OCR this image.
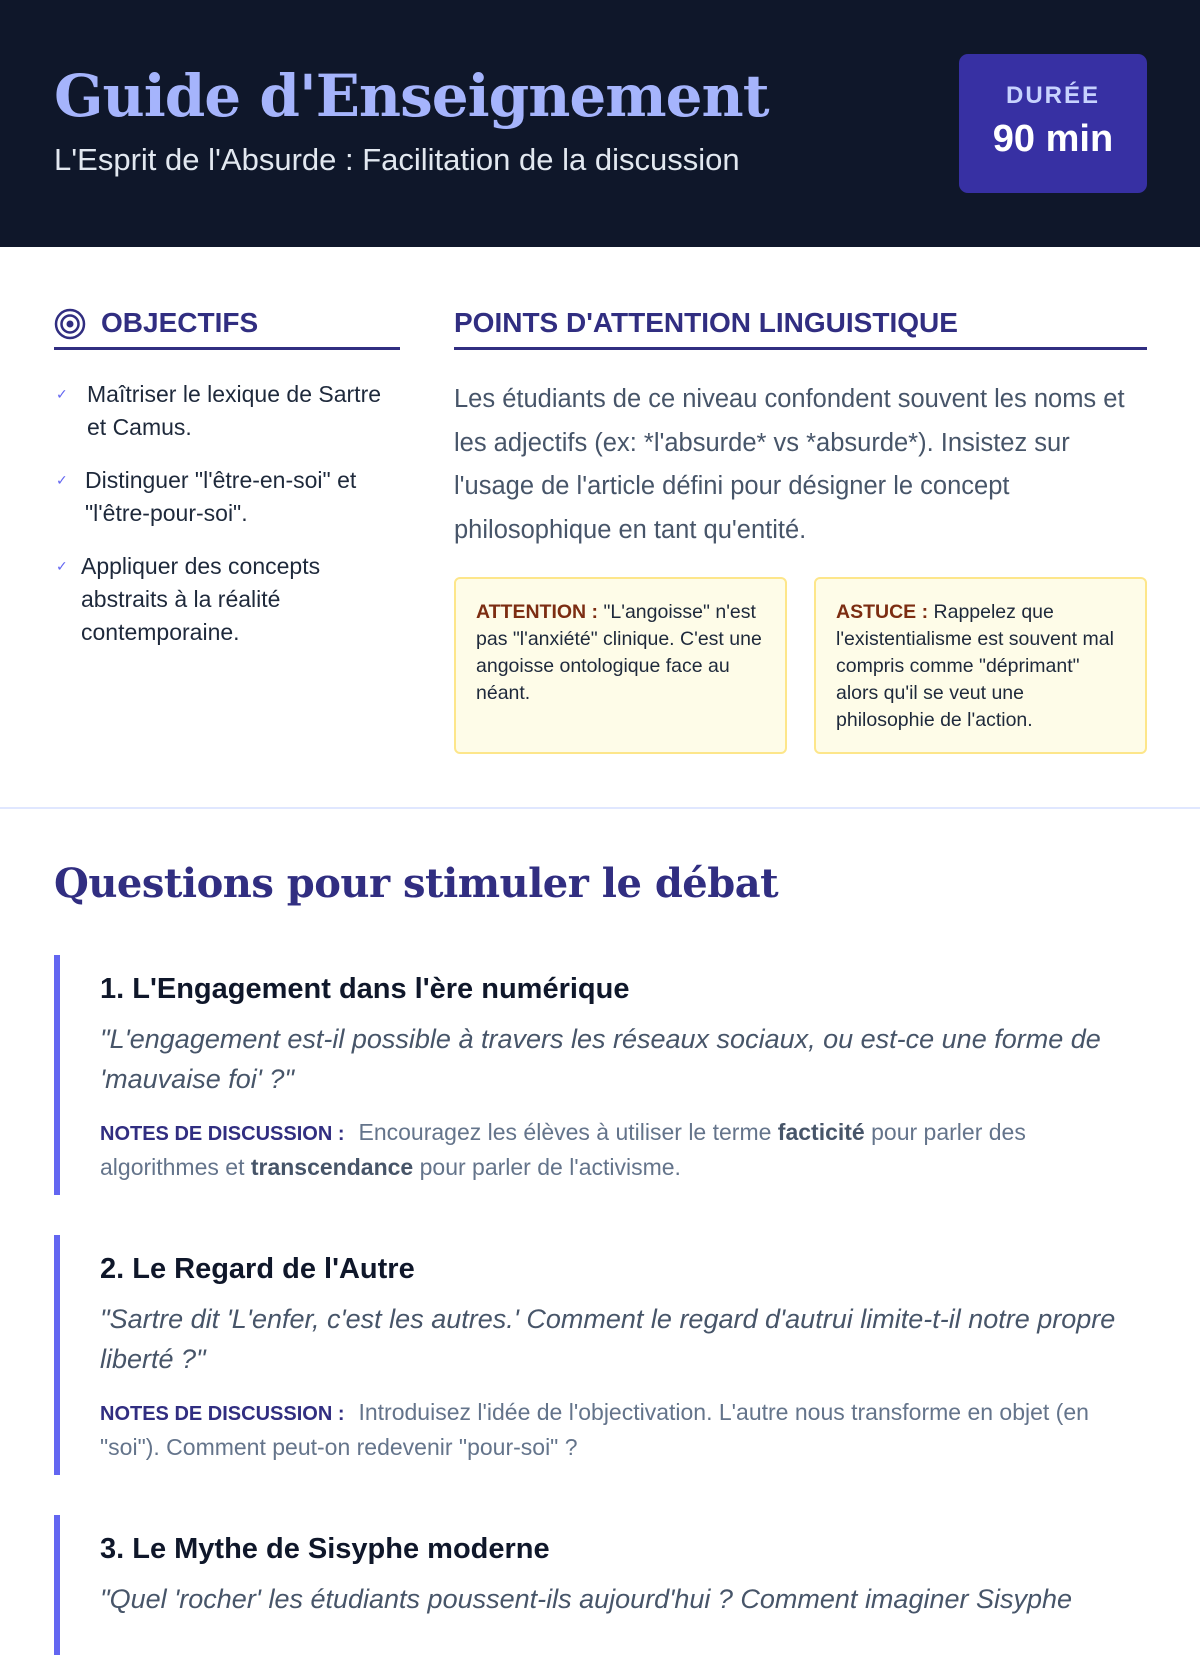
Guide d'Enseignement
L'Esprit de l'Absurde : Facilitation de la discussion
DURÉE
90 min
OBJECTIFS
✓ Maîtriser le lexique de Sartre et Camus.
✓ Distinguer "l'être-en-soi" et "l'être-pour-soi".
✓ Appliquer des concepts abstraits à la réalité contemporaine.
POINTS D'ATTENTION LINGUISTIQUE

Les étudiants de ce niveau confondent souvent les noms et les adjectifs (ex: *l'absurde* vs *absurde*). Insistez sur l'usage de l'article défini pour désigner le concept philosophique en tant qu'entité.

ATTENTION : "L'angoisse" n'est pas "l'anxiété" clinique. C'est une angoisse ontologique face au néant.
ASTUCE : Rappelez que l'existentialisme est souvent mal compris comme "déprimant" alors qu'il se veut une philosophie de l'action.
Questions pour stimuler le débat
1. L'Engagement dans l'ère numérique

"L'engagement est-il possible à travers les réseaux sociaux, ou est-ce une forme de 'mauvaise foi' ?"

NOTES DE DISCUSSION : Encouragez les élèves à utiliser le terme facticité pour parler des algorithmes et transcendance pour parler de l'activisme.

2. Le Regard de l'Autre

"Sartre dit 'L'enfer, c'est les autres.' Comment le regard d'autrui limite-t-il notre propre liberté ?"

NOTES DE DISCUSSION : Introduisez l'idée de l'objectivation. L'autre nous transforme en objet (en "soi"). Comment peut-on redevenir "pour-soi" ?

3. Le Mythe de Sisyphe moderne

"Quel 'rocher' les étudiants poussent-ils aujourd'hui ? Comment imaginer Sisyphe
